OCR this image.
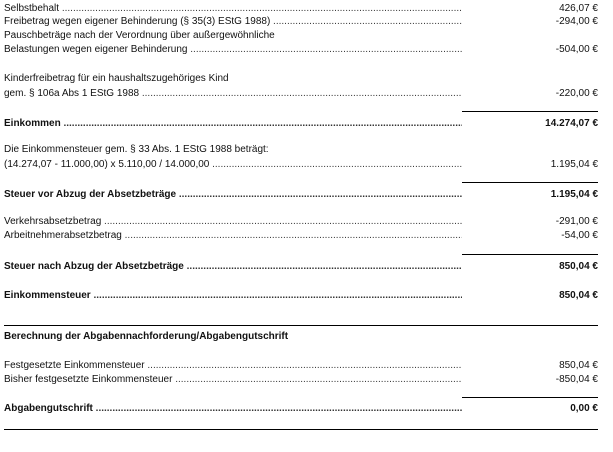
Selbstbehalt .....	426,07 €
Freibetrag wegen eigener Behinderung (§ 35(3) EStG 1988) .....	-294,00 €
Pauschbeträge nach der Verordnung über außergewöhnliche
Belastungen wegen eigener Behinderung .....	-504,00 €
Kinderfreibetrag für ein haushaltszugehöriges Kind
gem. § 106a Abs 1 EStG 1988 .....	-220,00 €
Einkommen .....	14.274,07 €
Die Einkommensteuer gem. § 33 Abs. 1 EStG 1988 beträgt:
(14.274,07 - 11.000,00) x 5.110,00 / 14.000,00 .....	1.195,04 €
Steuer vor Abzug der Absetzbeträge .....	1.195,04 €
Verkehrsabsetzbetrag .....	-291,00 €
Arbeitnehmerabsetzbetrag .....	-54,00 €
Steuer nach Abzug der Absetzbeträge .....	850,04 €
Einkommensteuer .....	850,04 €
Berechnung der Abgabennachforderung/Abgabengutschrift
Festgesetzte Einkommensteuer .....	850,04 €
Bisher festgesetzte Einkommensteuer .....	-850,04 €
Abgabengutschrift .....	0,00 €
